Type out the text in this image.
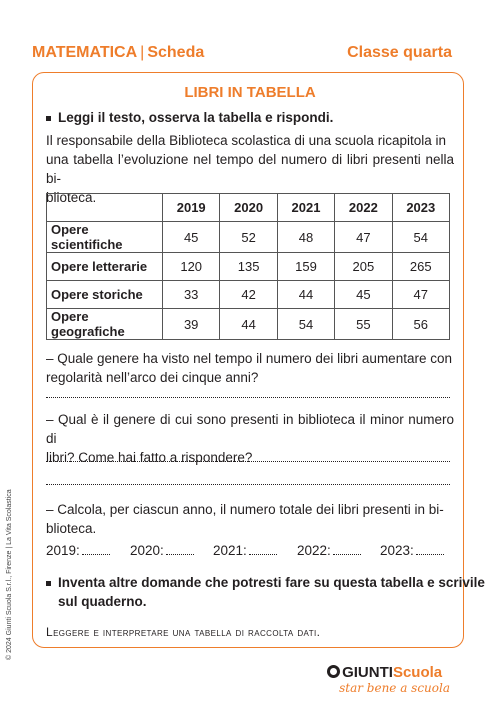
MATEMATICA | Scheda	Classe quarta
LIBRI IN TABELLA
Leggi il testo, osserva la tabella e rispondi.
Il responsabile della Biblioteca scolastica di una scuola ricapitola in
una tabella l’evoluzione nel tempo del numero di libri presenti nella bi-
blioteca.
	2019	2020	2021	2022	2023
Opere scientifiche	45	52	48	47	54
Opere letterarie	120	135	159	205	265
Opere storiche	33	42	44	45	47
Opere geografiche	39	44	54	55	56
– Quale genere ha visto nel tempo il numero dei libri aumentare con
regolarità nell’arco dei cinque anni?
– Qual è il genere di cui sono presenti in biblioteca il minor numero di
libri? Come hai fatto a rispondere?
– Calcola, per ciascun anno, il numero totale dei libri presenti in bi-
blioteca.
2019:	2020:	2021:	2022:	2023:
Inventa altre domande che potresti fare su questa tabella e scrivile
sul quaderno.
Leggere e interpretare una tabella di raccolta dati.
© 2024 Giunti Scuola S.r.l., Firenze | La Vita Scolastica
GIUNTIScuola
star bene a scuola
